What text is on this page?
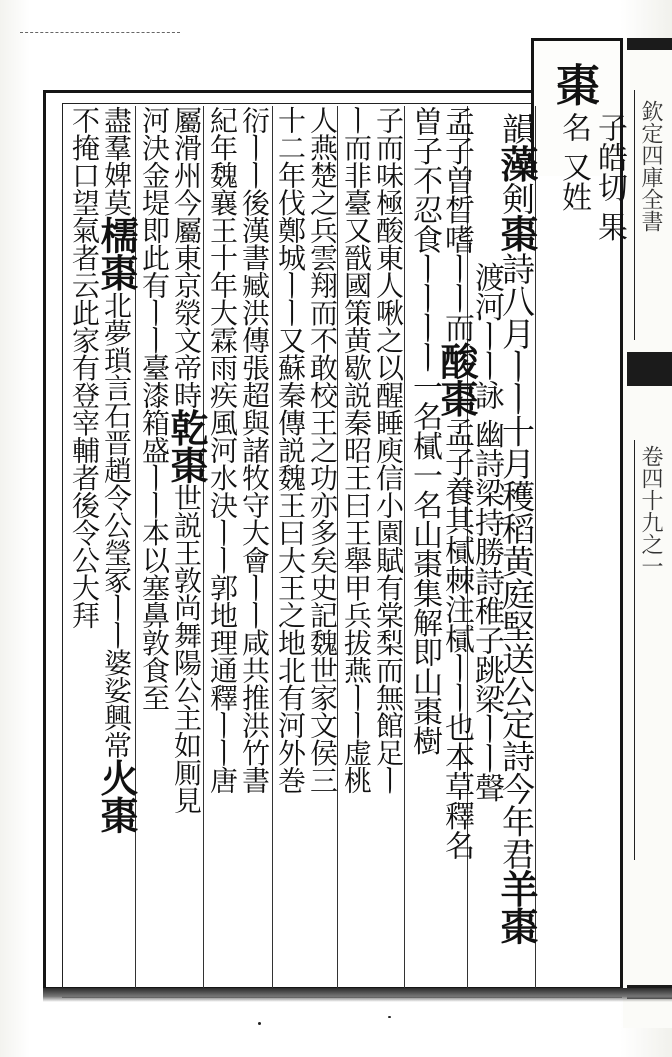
欽定四庫全書
卷四十九之一
棗
子皓切 果
名 又姓
韻藻剣棗詩八月ㅣㅣ十月穫稻黄庭堅送公定詩今年君羊棗
渡河ㅣㅣ詠 幽詩梁持勝詩稚子跳梁ㅣㅣ聲
孟子曽晳嗜ㅣㅣ而酸棗孟子養其樲棘注樲ㅣㅣ也本草釋名
曽子不忍食ㅣㅣㅣㅣ一名樲一名山棗集解即山棗樹
子而味極酸東人啾之以醒睡庾信小園賦有棠梨而無館足ㅣ
ㅣ而非臺又戩國策黄歇説秦昭王曰王舉甲兵拔燕ㅣㅣ虚桃
人燕楚之兵雲翔而不敢校王之功亦多矣史記魏世家文侯三
十二年伐鄭城ㅣㅣ又蘇秦傳説魏王曰大王之地北有河外巻
衍ㅣㅣ後漢書臧洪傳張超與諸牧守大會ㅣㅣ咸共推洪竹書
紀年魏襄王十年大霖雨疾風河水決ㅣㅣ郭地理通釋ㅣㅣ唐
屬滑州今屬東京滎文帝時乾棗世説王敦尚舞陽公主如厠見
河決金堤即此有ㅣㅣ臺漆箱盛ㅣㅣ本以塞鼻敦食至
盡羣婢莫檽棗北夢瑣言石晋趙令公瑩冢ㅣㅣ婆娑興常火棗
不掩口望氣者云此家有登宰輔者後令公大拜
